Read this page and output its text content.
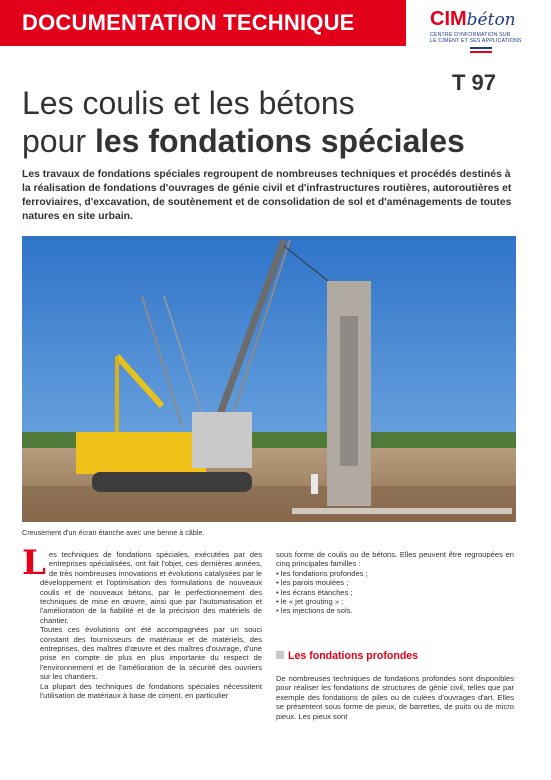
DOCUMENTATION TECHNIQUE	CIMbéton
CENTRE D'INFORMATION SUR
LE CIMENT ET SES APPLICATIONS
T 97
Les coulis et les bétons
pour les fondations spéciales
Les travaux de fondations spéciales regroupent de nombreuses techniques et procédés destinés à la réalisation de fondations d'ouvrages de génie civil et d'infrastructures routières, autoroutières et ferroviaires, d'excavation, de soutènement et de consolidation de sol et d'aménagements de toutes natures en site urbain.
Creusement d'un écran étanche avec une benne à câble.
L es techniques de fondations spéciales, exécutées par des entreprises spécialisées, ont fait l'objet, ces dernières années, de très nombreuses innovations et évolutions catalysées par le développement et l'optimisation des formulations de nouveaux coulis et de nouveaux bétons, par le perfectionnement des techniques de mise en œuvre, ainsi que par l'automatisation et l'amélioration de la fiabilité et de la précision des matériels de chantier.

Toutes ces évolutions ont été accompagnées par un souci constant des fournisseurs de matériaux et de matériels, des entreprises, des maîtres d'œuvre et des maîtres d'ouvrage, d'une prise en compte de plus en plus importante du respect de l'environnement et de l'amélioration de la sécurité des ouvriers sur les chantiers.

La plupart des techniques de fondations spéciales nécessitent l'utilisation de matériaux à base de ciment, en particulier

sous forme de coulis ou de bétons. Elles peuvent être regroupées en cinq principales familles :

• les fondations profondes ;
• les parois moulées ;
• les écrans étanches ;
• le « jet grouting » ;
• les injections de sols.
Les fondations profondes
De nombreuses techniques de fondations profondes sont disponibles pour réaliser les fondations de structures de génie civil, telles que par exemple des fondations de piles ou de culées d'ouvrages d'art. Elles se présentent sous forme de pieux, de barrettes, de puits ou de micro pieux. Les pieux sont
